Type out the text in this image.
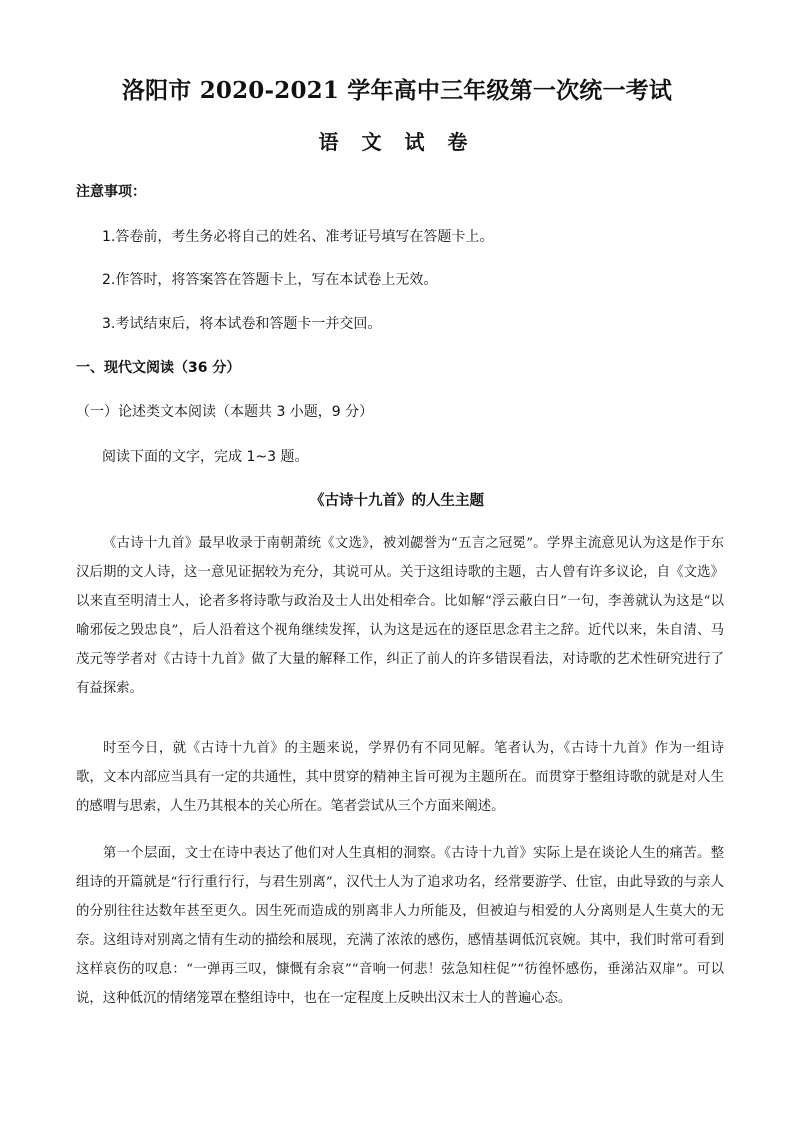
洛阳市 2020-2021 学年高中三年级第一次统一考试
语 文 试 卷
注意事项：
1.答卷前，考生务必将自己的姓名、准考证号填写在答题卡上。
2.作答时，将答案答在答题卡上，写在本试卷上无效。
3.考试结束后，将本试卷和答题卡一并交回。
一、现代文阅读（36 分）
（一）论述类文本阅读（本题共 3 小题，9 分）
阅读下面的文字，完成 1~3 题。
《古诗十九首》的人生主题

《古诗十九首》最早收录于南朝萧统《文选》，被刘勰誉为“五言之冠冕”。学界主流意见认为这是作于东汉后期的文人诗，这一意见证据较为充分，其说可从。关于这组诗歌的主题，古人曾有许多议论，自《文选》以来直至明清士人，论者多将诗歌与政治及士人出处相牵合。比如解“浮云蔽白日”一句，李善就认为这是“以喻邪佞之毁忠良”，后人沿着这个视角继续发挥，认为这是远在的逐臣思念君主之辞。近代以来，朱自清、马茂元等学者对《古诗十九首》做了大量的解释工作，纠正了前人的许多错误看法，对诗歌的艺术性研究进行了有益探索。

时至今日，就《古诗十九首》的主题来说，学界仍有不同见解。笔者认为，《古诗十九首》作为一组诗歌，文本内部应当具有一定的共通性，其中贯穿的精神主旨可视为主题所在。而贯穿于整组诗歌的就是对人生的感喟与思索，人生乃其根本的关心所在。笔者尝试从三个方面来阐述。

第一个层面，文士在诗中表达了他们对人生真相的洞察。《古诗十九首》实际上是在谈论人生的痛苦。整组诗的开篇就是“行行重行行，与君生别离”，汉代士人为了追求功名，经常要游学、仕宦，由此导致的与亲人的分别往往达数年甚至更久。因生死而造成的别离非人力所能及，但被迫与相爱的人分离则是人生莫大的无奈。这组诗对别离之情有生动的描绘和展现，充满了浓浓的感伤，感情基调低沉哀婉。其中，我们时常可看到这样哀伤的叹息：“一弹再三叹，慷慨有余哀”“音响一何悲！弦急知柱促”“彷徨怀感伤，垂涕沾双扉”。可以说，这种低沉的情绪笼罩在整组诗中，也在一定程度上反映出汉末士人的普遍心态。
